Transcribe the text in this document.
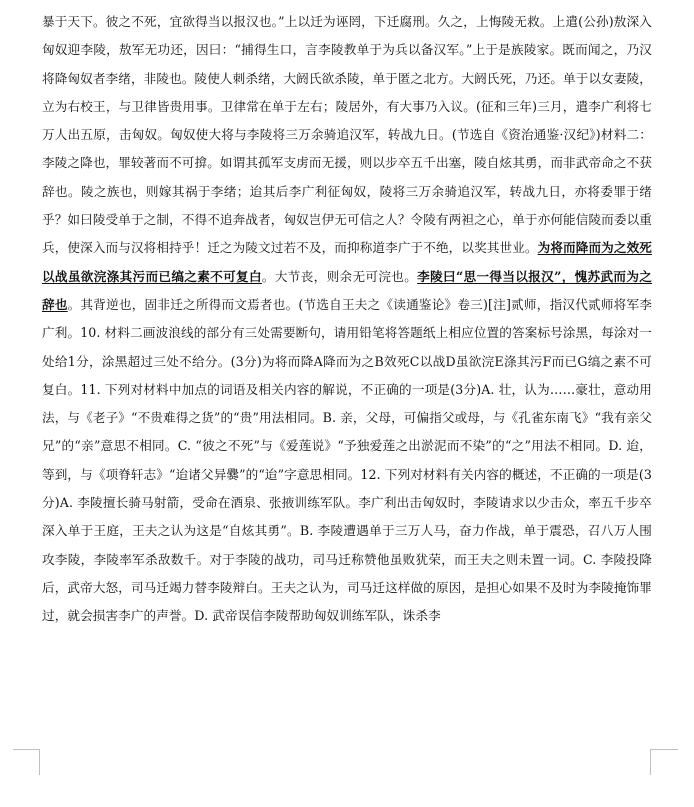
暴于天下。彼之不死，宜欲得当以报汉也。”上以迁为诬罔，下迁腐刑。久之，上悔陵无救。上遣(公孙)敖深入匈奴迎李陵，敖军无功还，因曰：“捕得生口，言李陵教单于为兵以备汉军。”上于是族陵家。既而闻之，乃汉将降匈奴者李绪，非陵也。陵使人刺杀绪，大阏氏欲杀陵，单于匿之北方。大阏氏死，乃还。单于以女妻陵，立为右校王，与卫律皆贵用事。卫律常在单于左右；陵居外，有大事乃入议。(征和三年)三月，遣李广利将七万人出五原，击匈奴。匈奴使大将与李陵将三万余骑追汉军，转战九日。(节选自《资治通鉴·汉纪》)材料二：李陵之降也，罪较著而不可揜。如谓其孤军支虏而无援，则以步卒五千出塞，陵自炫其勇，而非武帝命之不获辞也。陵之族也，则嫁其祸于李绪；迨其后李广利征匈奴，陵将三万余骑追汉军，转战九日，亦将委罪于绪乎？如曰陵受单于之制，不得不追奔战者，匈奴岂伊无可信之人？令陵有两袒之心，单于亦何能信陵而委以重兵，使深入而与汉将相持乎！迁之为陵文过若不及，而抑称道李广于不绝，以奖其世业。为将而降而为之效死以战虽欲浣涤其污而已缟之素不可复白。大节丧，则余无可浣也。李陵曰“思一得当以报汉”，愧苏武而为之辞也。其背逆也，固非迁之所得而文焉者也。(节选自王夫之《读通鉴论》卷三)[注]贰师，指汉代贰师将军李广利。10. 材料二画波浪线的部分有三处需要断句，请用铅笔将答题纸上相应位置的答案标号涂黑，每涂对一处给1分，涂黑超过三处不给分。(3分)为将而降A降而为之B效死C以战D虽欲浣E涤其污F而已G缟之素不可复白。11. 下列对材料中加点的词语及相关内容的解说，不正确的一项是(3分)A. 壮，认为……豪壮，意动用法，与《老子》“不贵难得之货”的“贵”用法相同。B. 亲，父母，可偏指父或母，与《孔雀东南飞》“我有亲父兄”的“亲”意思不相同。C. “彼之不死”与《爱莲说》“予独爱莲之出淤泥而不染”的“之”用法不相同。D. 迨，等到，与《项脊轩志》“迨诸父异爨”的“迨”字意思相同。12. 下列对材料有关内容的概述，不正确的一项是(3分)A. 李陵擅长骑马射箭，受命在酒泉、张掖训练军队。李广利出击匈奴时，李陵请求以少击众，率五千步卒深入单于王庭，王夫之认为这是“自炫其勇”。B. 李陵遭遇单于三万人马，奋力作战，单于震恐，召八万人围攻李陵，李陵率军杀敌数千。对于李陵的战功，司马迁称赞他虽败犹荣，而王夫之则未置一词。C. 李陵投降后，武帝大怒，司马迁竭力替李陵辩白。王夫之认为，司马迁这样做的原因，是担心如果不及时为李陵掩饰罪过，就会损害李广的声誉。D. 武帝误信李陵帮助匈奴训练军队，诛杀李
